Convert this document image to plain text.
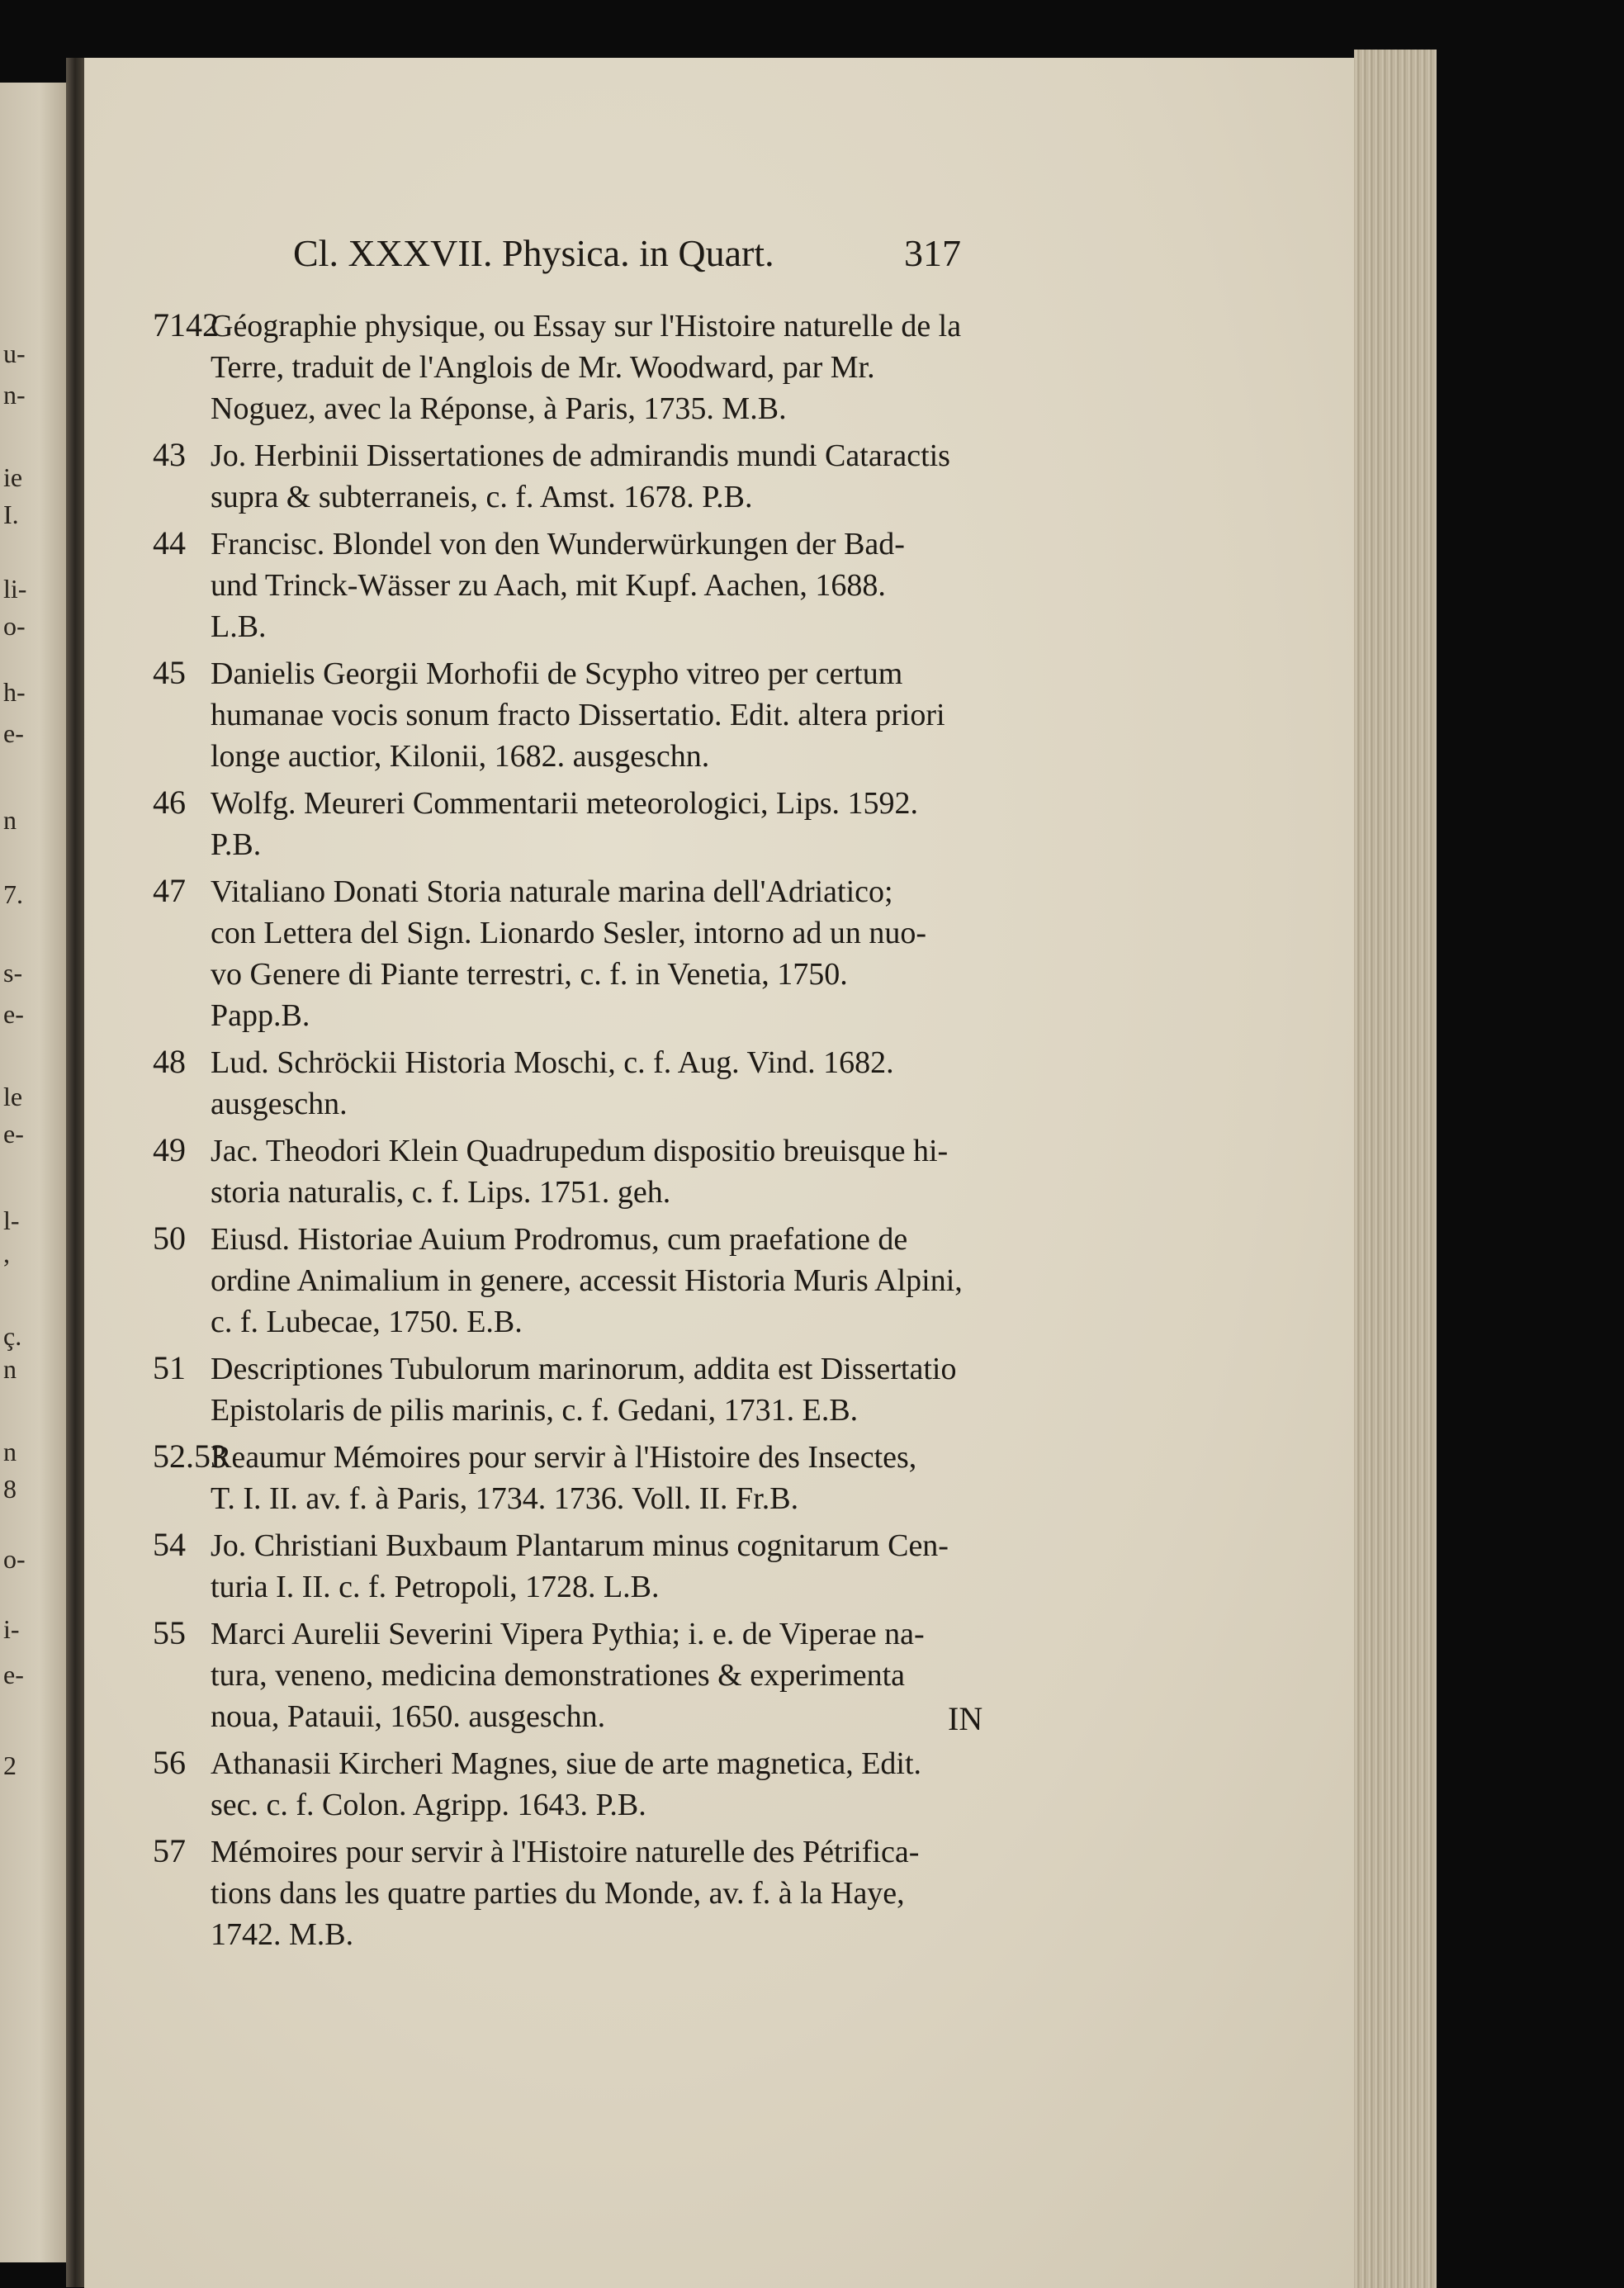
u-
n-
ie
I.
li-
o-
h-
e-
n
7.
s-
e-
le
e-
l-
,
ç.
n
n
8
o-
i-
e-
2
Cl. XXXVII. Physica. in Quart.	317
7142
Géographie physique, ou Essay sur l'Histoire naturelle de la
Terre, traduit de l'Anglois de Mr. Woodward, par Mr.
Noguez, avec la Réponse, à Paris, 1735. M.B.
43 Jo. Herbinii Dissertationes de admirandis mundi Cataractis
supra & subterraneis, c. f. Amst. 1678. P.B.
44 Francisc. Blondel von den Wunderwürkungen der Bad-
und Trinck-Wässer zu Aach, mit Kupf. Aachen, 1688.
L.B.
45 Danielis Georgii Morhofii de Scypho vitreo per certum
humanae vocis sonum fracto Dissertatio. Edit. altera priori
longe auctior, Kilonii, 1682. ausgeschn.
46 Wolfg. Meureri Commentarii meteorologici, Lips. 1592.
P.B.
47 Vitaliano Donati Storia naturale marina dell'Adriatico;
con Lettera del Sign. Lionardo Sesler, intorno ad un nuo-
vo Genere di Piante terrestri, c. f. in Venetia, 1750.
Papp.B.
48 Lud. Schröckii Historia Moschi, c. f. Aug. Vind. 1682.
ausgeschn.
49 Jac. Theodori Klein Quadrupedum dispositio breuisque hi-
storia naturalis, c. f. Lips. 1751. geh.
50 Eiusd. Historiae Auium Prodromus, cum praefatione de
ordine Animalium in genere, accessit Historia Muris Alpini,
c. f. Lubecae, 1750. E.B.
51 Descriptiones Tubulorum marinorum, addita est Dissertatio
Epistolaris de pilis marinis, c. f. Gedani, 1731. E.B.
52.53
Reaumur Mémoires pour servir à l'Histoire des Insectes,
T. I. II. av. f. à Paris, 1734. 1736. Voll. II. Fr.B.
54 Jo. Christiani Buxbaum Plantarum minus cognitarum Cen-
turia I. II. c. f. Petropoli, 1728. L.B.
55 Marci Aurelii Severini Vipera Pythia; i. e. de Viperae na-
tura, veneno, medicina demonstrationes & experimenta
noua, Patauii, 1650. ausgeschn.
56 Athanasii Kircheri Magnes, siue de arte magnetica, Edit.
sec. c. f. Colon. Agripp. 1643. P.B.
57 Mémoires pour servir à l'Histoire naturelle des Pétrifica-
tions dans les quatre parties du Monde, av. f. à la Haye,
1742. M.B.
IN
